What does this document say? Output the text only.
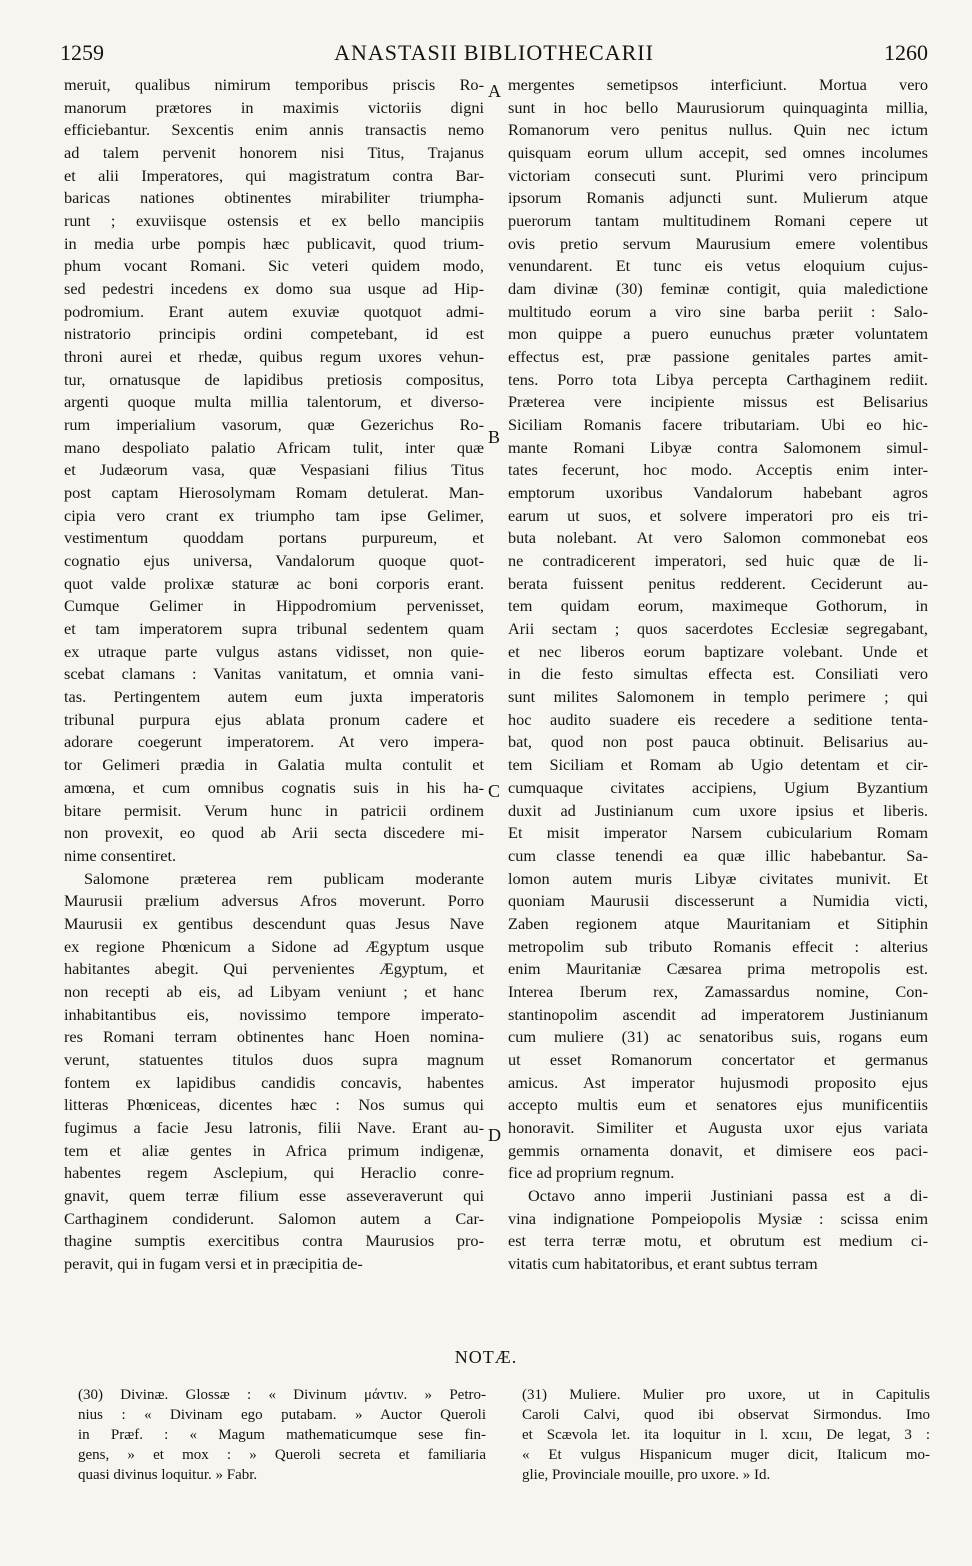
1259	ANASTASII BIBLIOTHECARII	1260
meruit, qualibus nimirum temporibus priscis Ro-
manorum prætores in maximis victoriis digni
efficiebantur. Sexcentis enim annis transactis nemo
ad talem pervenit honorem nisi Titus, Trajanus
et alii Imperatores, qui magistratum contra Bar-
baricas nationes obtinentes mirabiliter triumpha-
runt ; exuviisque ostensis et ex bello mancipiis
in media urbe pompis hæc publicavit, quod trium-
phum vocant Romani. Sic veteri quidem modo,
sed pedestri incedens ex domo sua usque ad Hip-
podromium. Erant autem exuviæ quotquot admi-
nistratorio principis ordini competebant, id est
throni aurei et rhedæ, quibus regum uxores vehun-
tur, ornatusque de lapidibus pretiosis compositus,
argenti quoque multa millia talentorum, et diverso-
rum imperialium vasorum, quæ Gezerichus Ro-
mano despoliato palatio Africam tulit, inter quæ
et Judæorum vasa, quæ Vespasiani filius Titus
post captam Hierosolymam Romam detulerat. Man-
cipia vero crant ex triumpho tam ipse Gelimer,
vestimentum quoddam portans purpureum, et
cognatio ejus universa, Vandalorum quoque quot-
quot valde prolixæ staturæ ac boni corporis erant.
Cumque Gelimer in Hippodromium pervenisset,
et tam imperatorem supra tribunal sedentem quam
ex utraque parte vulgus astans vidisset, non quie-
scebat clamans : Vanitas vanitatum, et omnia vani-
tas. Pertingentem autem eum juxta imperatoris
tribunal purpura ejus ablata pronum cadere et
adorare coegerunt imperatorem. At vero impera-
tor Gelimeri prædia in Galatia multa contulit et
amœna, et cum omnibus cognatis suis in his ha-
bitare permisit. Verum hunc in patricii ordinem
non provexit, eo quod ab Arii secta discedere mi-
nime consentiret.
Salomone præterea rem publicam moderante
Maurusii prælium adversus Afros moverunt. Porro
Maurusii ex gentibus descendunt quas Jesus Nave
ex regione Phœnicum a Sidone ad Ægyptum usque
habitantes abegit. Qui pervenientes Ægyptum, et
non recepti ab eis, ad Libyam veniunt ; et hanc
inhabitantibus eis, novissimo tempore imperato-
res Romani terram obtinentes hanc Hoen nomina-
verunt, statuentes titulos duos supra magnum
fontem ex lapidibus candidis concavis, habentes
litteras Phœniceas, dicentes hæc : Nos sumus qui
fugimus a facie Jesu latronis, filii Nave. Erant au-
tem et aliæ gentes in Africa primum indigenæ,
habentes regem Asclepium, qui Heraclio conre-
gnavit, quem terræ filium esse asseveraverunt qui
Carthaginem condiderunt. Salomon autem a Car-
thagine sumptis exercitibus contra Maurusios pro-
peravit, qui in fugam versi et in præcipitia de-
mergentes semetipsos interficiunt. Mortua vero
sunt in hoc bello Maurusiorum quinquaginta millia,
Romanorum vero penitus nullus. Quin nec ictum
quisquam eorum ullum accepit, sed omnes incolumes
victoriam consecuti sunt. Plurimi vero principum
ipsorum Romanis adjuncti sunt. Mulierum atque
puerorum tantam multitudinem Romani cepere ut
ovis pretio servum Maurusium emere volentibus
venundarent. Et tunc eis vetus eloquium cujus-
dam divinæ (30) feminæ contigit, quia maledictione
multitudo eorum a viro sine barba periit : Salo-
mon quippe a puero eunuchus præter voluntatem
effectus est, præ passione genitales partes amit-
tens. Porro tota Libya percepta Carthaginem rediit.
Præterea vere incipiente missus est Belisarius
Siciliam Romanis facere tributariam. Ubi eo hic-
mante Romani Libyæ contra Salomonem simul-
tates fecerunt, hoc modo. Acceptis enim inter-
emptorum uxoribus Vandalorum habebant agros
earum ut suos, et solvere imperatori pro eis tri-
buta nolebant. At vero Salomon commonebat eos
ne contradicerent imperatori, sed huic quæ de li-
berata fuissent penitus redderent. Ceciderunt au-
tem quidam eorum, maximeque Gothorum, in
Arii sectam ; quos sacerdotes Ecclesiæ segregabant,
et nec liberos eorum baptizare volebant. Unde et
in die festo simultas effecta est. Consiliati vero
sunt milites Salomonem in templo perimere ; qui
hoc audito suadere eis recedere a seditione tenta-
bat, quod non post pauca obtinuit. Belisarius au-
tem Siciliam et Romam ab Ugio detentam et cir-
cumquaque civitates accipiens, Ugium Byzantium
duxit ad Justinianum cum uxore ipsius et liberis.
Et misit imperator Narsem cubicularium Romam
cum classe tenendi ea quæ illic habebantur. Sa-
lomon autem muris Libyæ civitates munivit. Et
quoniam Maurusii discesserunt a Numidia victi,
Zaben regionem atque Mauritaniam et Sitiphin
metropolim sub tributo Romanis effecit : alterius
enim Mauritaniæ Cæsarea prima metropolis est.
Interea Iberum rex, Zamassardus nomine, Con-
stantinopolim ascendit ad imperatorem Justinianum
cum muliere (31) ac senatoribus suis, rogans eum
ut esset Romanorum concertator et germanus
amicus. Ast imperator hujusmodi proposito ejus
accepto multis eum et senatores ejus munificentiis
honoravit. Similiter et Augusta uxor ejus variata
gemmis ornamenta donavit, et dimisere eos paci-
fice ad proprium regnum.
Octavo anno imperii Justiniani passa est a di-
vina indignatione Pompeiopolis Mysiæ : scissa enim
est terra terræ motu, et obrutum est medium ci-
vitatis cum habitatoribus, et erant subtus terram
A
B
C
D
NOTÆ.
(30) Divinæ. Glossæ : « Divinum μάντιν. » Petro-
nius : « Divinam ego putabam. » Auctor Queroli
in Præf. : « Magum mathematicumque sese fin-
gens, » et mox : » Queroli secreta et familiaria
quasi divinus loquitur. » Fabr.
(31) Muliere. Mulier pro uxore, ut in Capitulis
Caroli Calvi, quod ibi observat Sirmondus. Imo
et Scævola let. ita loquitur in l. xcııı, De legat, 3 :
« Et vulgus Hispanicum muger dicit, Italicum mo-
glie, Provinciale mouille, pro uxore. » Id.
